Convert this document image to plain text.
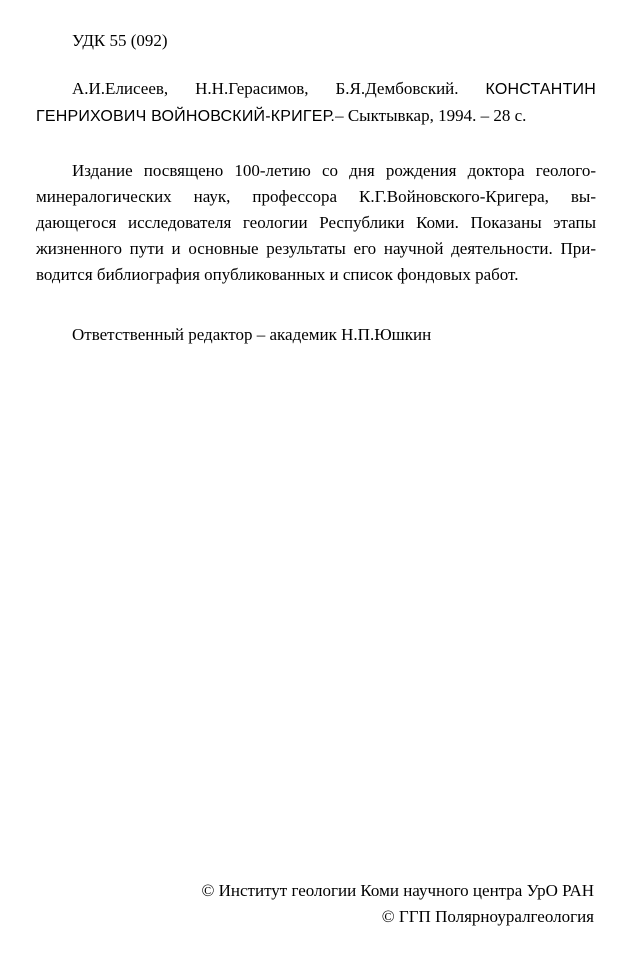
УДК 55 (092)
А.И.Елисеев, Н.Н.Герасимов, Б.Я.Дембовский. КОНСТАНТИН
ГЕНРИХОВИЧ ВОЙНОВСКИЙ-КРИГЕР.– Сыктывкар, 1994. – 28 с.
Издание посвящено 100-летию со дня рождения доктора геолого-
минералогических наук, профессора К.Г.Войновского-Кригера, вы-
дающегося исследователя геологии Республики Коми. Показаны этапы
жизненного пути и основные результаты его научной деятельности. При-
водится библиография опубликованных и список фондовых работ.
Ответственный редактор – академик Н.П.Юшкин
© Институт геологии Коми научного центра УрО РАН
© ГГП Полярноуралгеология
